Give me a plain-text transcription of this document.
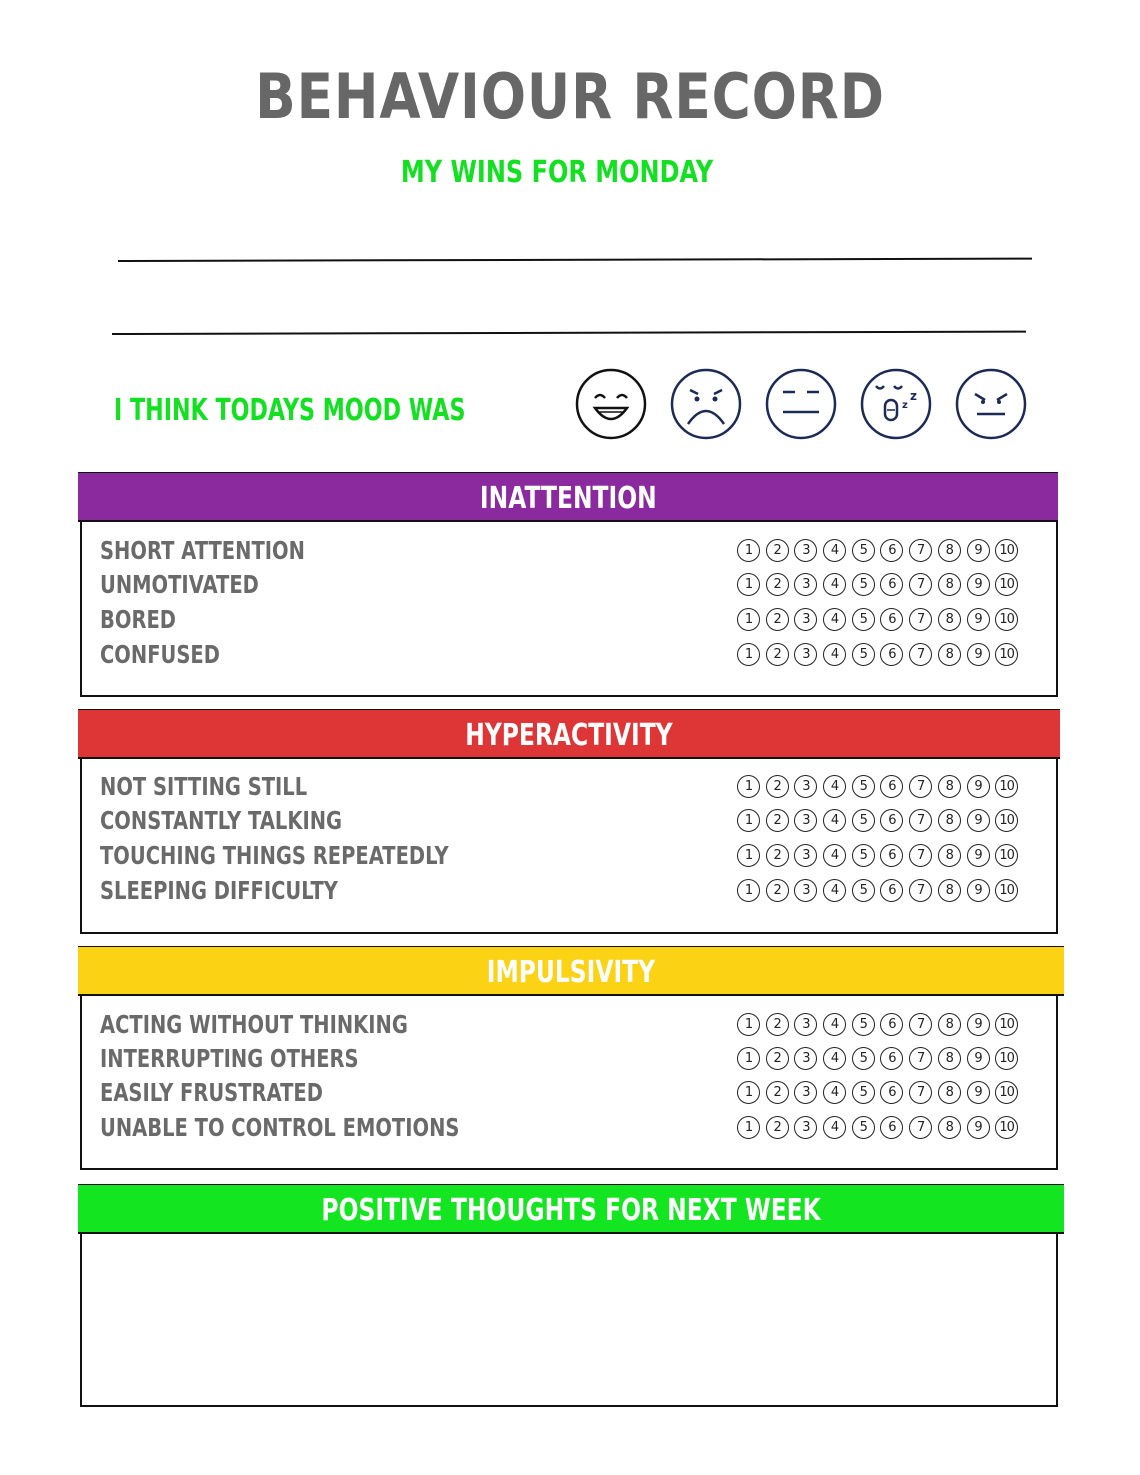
BEHAVIOUR RECORD
MY WINS FOR MONDAY
I THINK TODAYS MOOD WAS	z
z
INATTENTION
SHORT ATTENTION	1	2	3	4	5	6	7	8	9	10
UNMOTIVATED	1	2	3	4	5	6	7	8	9	10
BORED	1	2	3	4	5	6	7	8	9	10
CONFUSED	1	2	3	4	5	6	7	8	9	10
HYPERACTIVITY
NOT SITTING STILL	1	2	3	4	5	6	7	8	9	10
CONSTANTLY TALKING	1	2	3	4	5	6	7	8	9	10
TOUCHING THINGS REPEATEDLY	1	2	3	4	5	6	7	8	9	10
SLEEPING DIFFICULTY	1	2	3	4	5	6	7	8	9	10
IMPULSIVITY
ACTING WITHOUT THINKING	1	2	3	4	5	6	7	8	9	10
INTERRUPTING OTHERS	1	2	3	4	5	6	7	8	9	10
EASILY FRUSTRATED	1	2	3	4	5	6	7	8	9	10
UNABLE TO CONTROL EMOTIONS	1	2	3	4	5	6	7	8	9	10
POSITIVE THOUGHTS FOR NEXT WEEK
